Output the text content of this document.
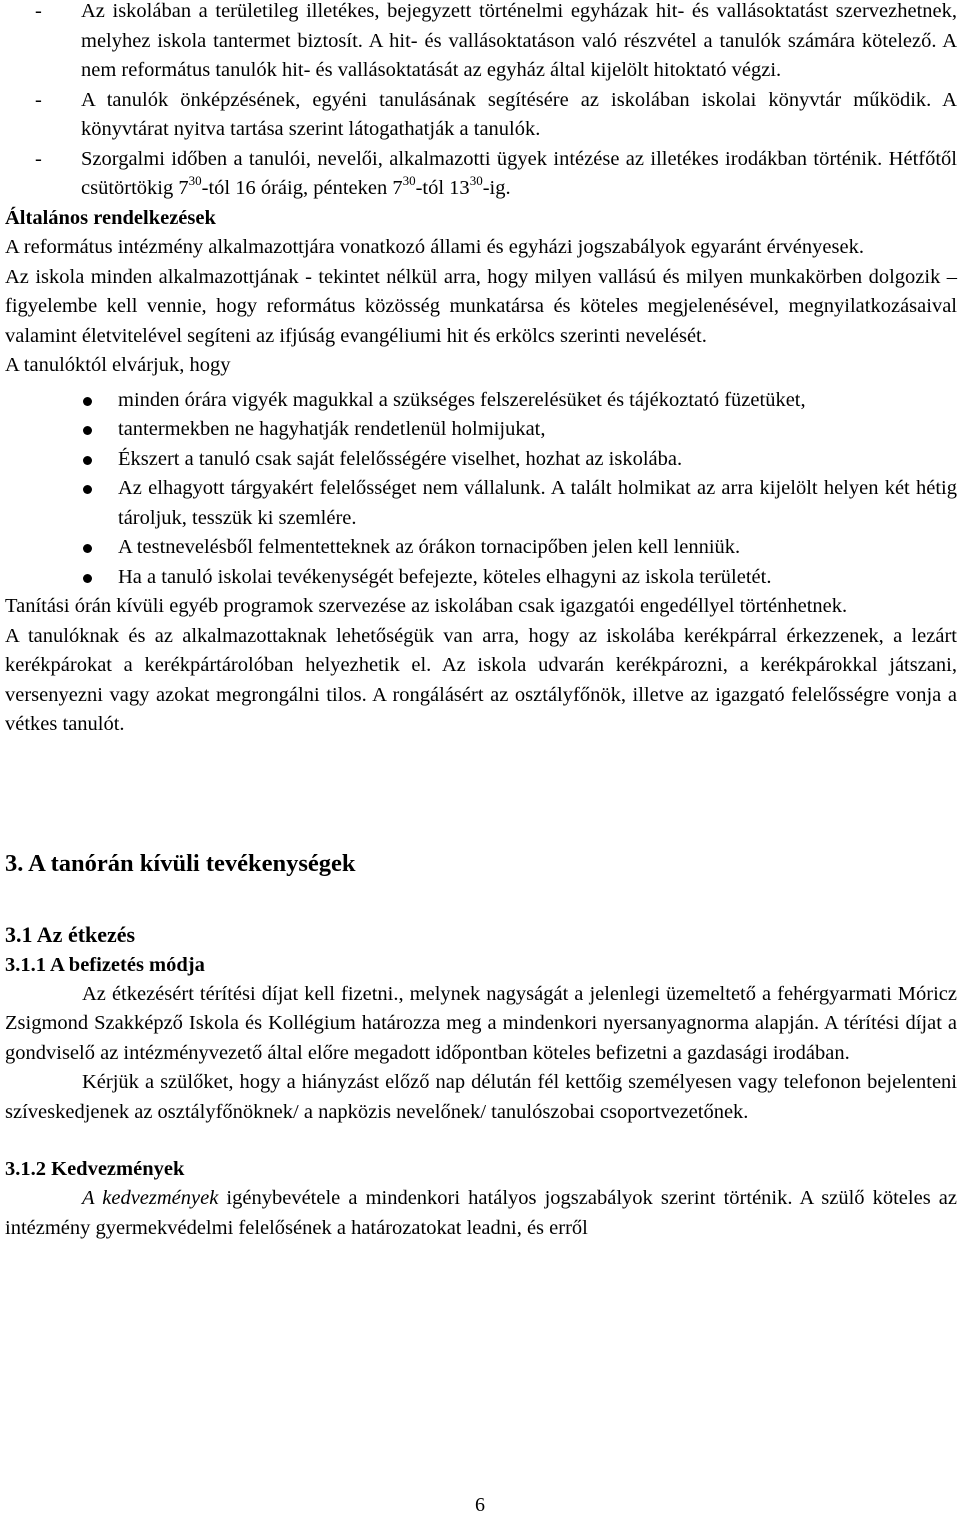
- Az iskolában a területileg illetékes, bejegyzett történelmi egyházak hit- és vallásoktatást szervezhetnek, melyhez iskola tantermet biztosít. A hit- és vallásoktatáson való részvétel a tanulók számára kötelező. A nem református tanulók hit- és vallásoktatását az egyház által kijelölt hitoktató végzi.
- A tanulók önképzésének, egyéni tanulásának segítésére az iskolában iskolai könyvtár működik. A könyvtárat nyitva tartása szerint látogathatják a tanulók.
- Szorgalmi időben a tanulói, nevelői, alkalmazotti ügyek intézése az illetékes irodákban történik. Hétfőtől csütörtökig $7^{30}$-tól 16 óráig, pénteken $7^{30}$-tól $13^{30}-ig$.

Általános rendelkezések

A református intézmény alkalmazottjára vonatkozó állami és egyházi jogszabályok egyaránt érvényesek.

Az iskola minden alkalmazottjának - tekintet nélkül arra, hogy milyen vallású és milyen munkakörben dolgozik – figyelembe kell vennie, hogy református közösség munkatársa és köteles megjelenésével, megnyilatkozásaival valamint életvitelével segíteni az ifjúság evangéliumi hit és erkölcs szerinti nevelését.

A tanulóktól elvárjuk, hogy

minden órára vigyék magukkal a szükséges felszerelésüket és tájékoztató füzetüket,
tantermekben ne hagyhatják rendetlenül holmijukat,
Ékszert a tanuló csak saját felelősségére viselhet, hozhat az iskolába.
Az elhagyott tárgyakért felelősséget nem vállalunk. A talált holmikat az arra kijelölt helyen két hétig tároljuk, tesszük ki szemlére.
A testnevelésből felmentetteknek az órákon tornacipőben jelen kell lenniük.
Ha a tanuló iskolai tevékenységét befejezte, köteles elhagyni az iskola területét.

Tanítási órán kívüli egyéb programok szervezése az iskolában csak igazgatói engedéllyel történhetnek.

A tanulóknak és az alkalmazottaknak lehetőségük van arra, hogy az iskolába kerékpárral érkezzenek, a lezárt kerékpárokat a kerékpártárolóban helyezhetik el. Az iskola udvarán kerékpározni, a kerékpárokkal játszani, versenyezni vagy azokat megrongálni tilos. A rongálásért az osztályfőnök, illetve az igazgató felelősségre vonja a vétkes tanulót.

3. A tanórán kívüli tevékenységek

3.1 Az étkezés

3.1.1 A befizetés módja

Az étkezésért térítési díjat kell fizetni., melynek nagyságát a jelenlegi üzemeltető a fehérgyarmati Móricz Zsigmond Szakképző Iskola és Kollégium határozza meg a mindenkori nyersanyagnorma alapján. A térítési díjat a gondviselő az intézményvezető által előre megadott időpontban köteles befizetni a gazdasági irodában.

Kérjük a szülőket, hogy a hiányzást előző nap délután fél kettőig személyesen vagy telefonon bejelenteni szíveskedjenek az osztályfőnöknek/ a napközis nevelőnek/ tanulószobai csoportvezetőnek.

3.1.2 Kedvezmények

A kedvezmények igénybevétele a mindenkori hatályos jogszabályok szerint történik. A szülő köteles az intézmény gyermekvédelmi felelősének a határozatokat leadni, és erről

6
